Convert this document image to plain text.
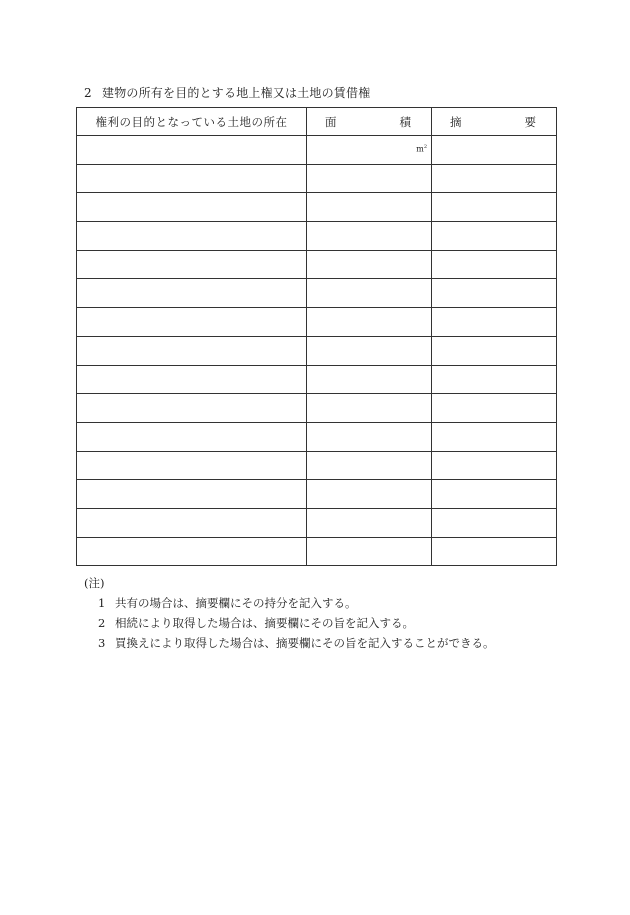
2 建物の所有を目的とする地上権又は土地の賃借権
権利の目的となっている土地の所在	面 積	摘 要

	$m^2$

(注)
1 共有の場合は、摘要欄にその持分を記入する。
2 相続により取得した場合は、摘要欄にその旨を記入する。
3 買換えにより取得した場合は、摘要欄にその旨を記入することができる。
